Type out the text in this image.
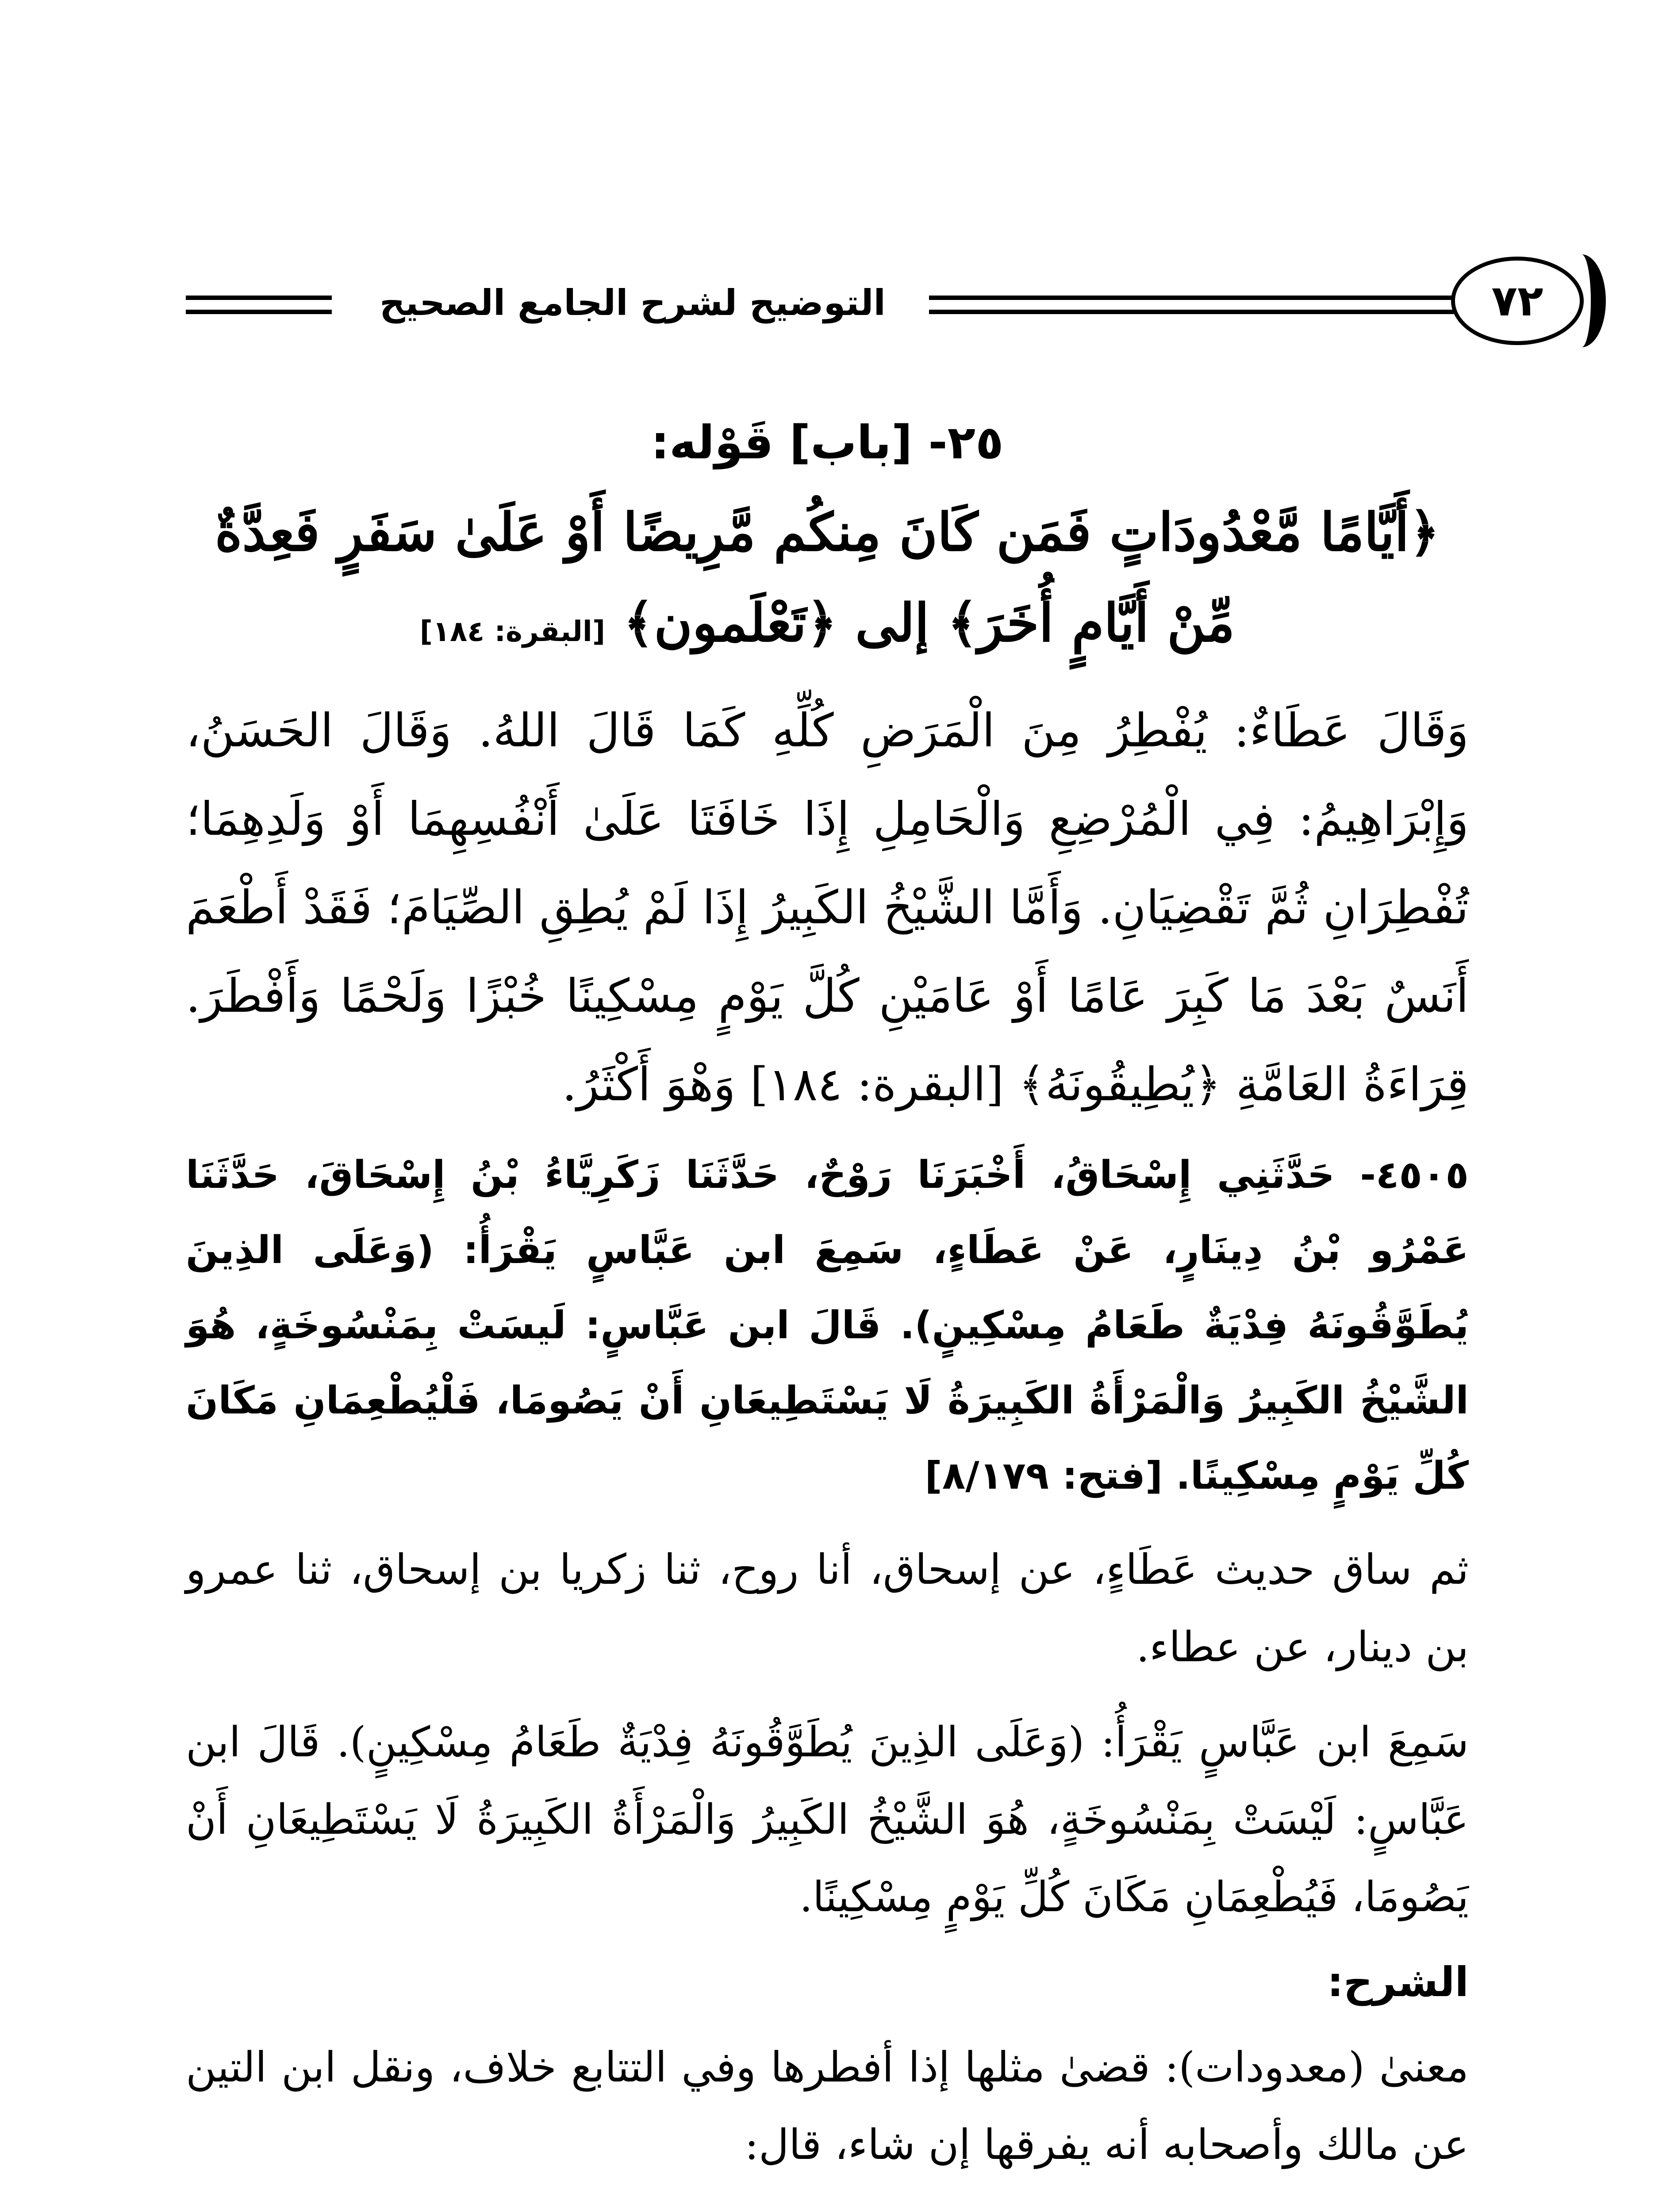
التوضيح لشرح الجامع الصحيح	٧٢

٢٥- [باب] قَوْله:

﴿أَيَّامًا مَّعْدُودَاتٍ فَمَن كَانَ مِنكُم مَّرِيضًا أَوْ عَلَىٰ سَفَرٍ فَعِدَّةٌ

مِّنْ أَيَّامٍ أُخَرَ﴾ إلى ﴿تَعْلَمون﴾ [البقرة: ١٨٤]

وَقَالَ عَطَاءٌ: يُفْطِرُ مِنَ الْمَرَضِ كُلِّهِ كَمَا قَالَ اللهُ. وَقَالَ الحَسَنُ، وَإِبْرَاهِيمُ: فِي الْمُرْضِعِ وَالْحَامِلِ إِذَا خَافَتَا عَلَىٰ أَنْفُسِهِمَا أَوْ وَلَدِهِمَا؛ تُفْطِرَانِ ثُمَّ تَقْضِيَانِ. وَأَمَّا الشَّيْخُ الكَبِيرُ إِذَا لَمْ يُطِقِ الصِّيَامَ؛ فَقَدْ أَطْعَمَ أَنَسٌ بَعْدَ مَا كَبِرَ عَامًا أَوْ عَامَيْنِ كُلَّ يَوْمٍ مِسْكِينًا خُبْزًا وَلَحْمًا وَأَفْطَرَ. قِرَاءَةُ العَامَّةِ ﴿يُطِيقُونَهُ﴾ [البقرة: ١٨٤] وَهْوَ أَكْثَرُ.

٤٥٠٥- حَدَّثَنِي إِسْحَاقُ، أَخْبَرَنَا رَوْحٌ، حَدَّثَنَا زَكَرِيَّاءُ بْنُ إِسْحَاقَ، حَدَّثَنَا عَمْرُو بْنُ دِينَارٍ، عَنْ عَطَاءٍ، سَمِعَ ابن عَبَّاسٍ يَقْرَأُ: (وَعَلَى الذِينَ يُطَوَّقُونَهُ فِدْيَةٌ طَعَامُ مِسْكِينٍ). قَالَ ابن عَبَّاسٍ: لَيسَتْ بِمَنْسُوخَةٍ، هُوَ الشَّيْخُ الكَبِيرُ وَالْمَرْأَةُ الكَبِيرَةُ لَا يَسْتَطِيعَانِ أَنْ يَصُومَا، فَلْيُطْعِمَانِ مَكَانَ كُلِّ يَوْمٍ مِسْكِينًا. [فتح: ٨/١٧٩]

ثم ساق حديث عَطَاءٍ، عن إسحاق، أنا روح، ثنا زكريا بن إسحاق، ثنا عمرو بن دينار، عن عطاء.

سَمِعَ ابن عَبَّاسٍ يَقْرَأُ: (وَعَلَى الذِينَ يُطَوَّقُونَهُ فِدْيَةٌ طَعَامُ مِسْكِينٍ). قَالَ ابن عَبَّاسٍ: لَيْسَتْ بِمَنْسُوخَةٍ، هُوَ الشَّيْخُ الكَبِيرُ وَالْمَرْأَةُ الكَبِيرَةُ لَا يَسْتَطِيعَانِ أَنْ يَصُومَا، فَيُطْعِمَانِ مَكَانَ كُلِّ يَوْمٍ مِسْكِينًا.

الشرح:

معنىٰ (معدودات): قضىٰ مثلها إذا أفطرها وفي التتابع خلاف، ونقل ابن التين عن مالك وأصحابه أنه يفرقها إن شاء، قال:
